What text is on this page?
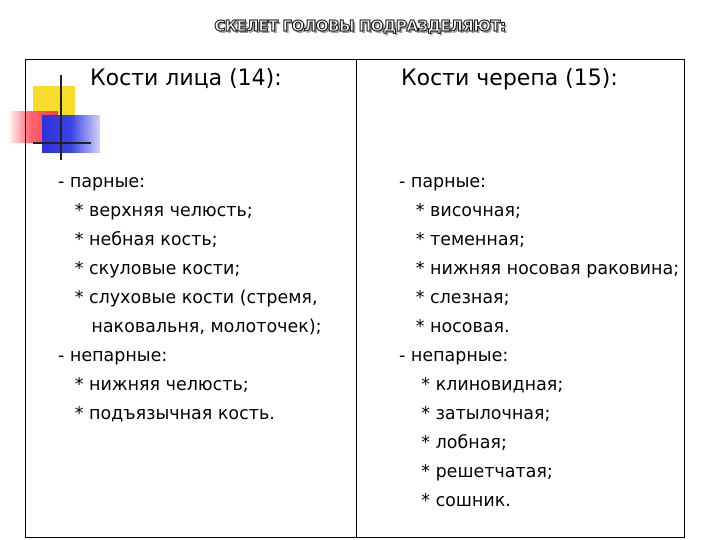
СКЕЛЕТ ГОЛОВЫ ПОДРАЗДЕЛЯЮТ:
Кости лица (14):	Кости черепа (15):
- парные:
* верхняя челюсть;
* небная кость;
* скуловые кости;
* слуховые кости (стремя,
наковальня, молоточек);
- непарные:
* нижняя челюсть;
* подъязычная кость.
- парные:
* височная;
* теменная;
* нижняя носовая раковина;
* слезная;
* носовая.
- непарные:
* клиновидная;
* затылочная;
* лобная;
* решетчатая;
* сошник.
